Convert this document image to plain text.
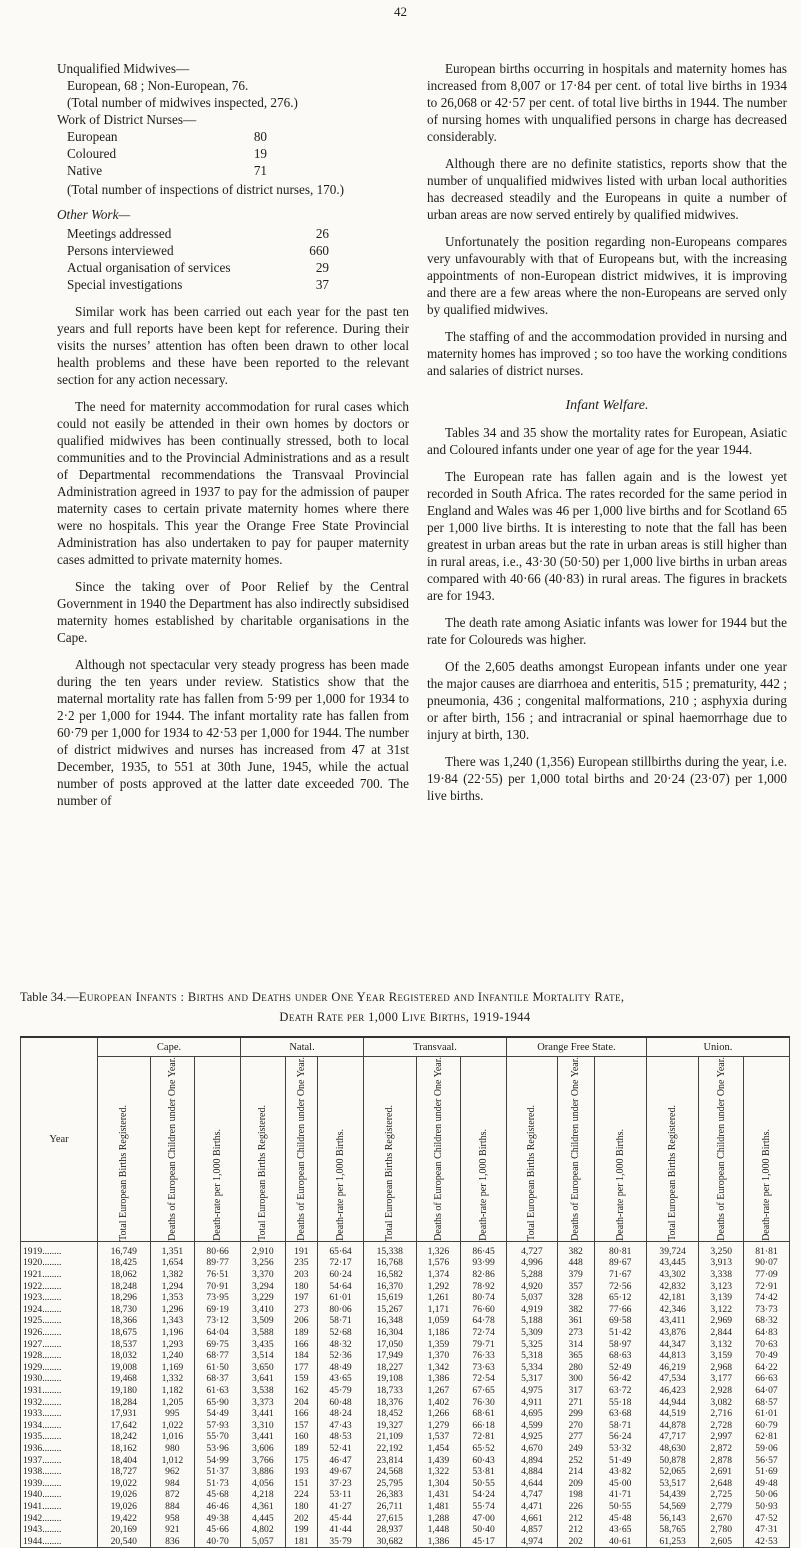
42

Unqualified Midwives—

European, 68 ; Non-European, 76.

(Total number of midwives inspected, 276.)

Work of District Nurses—

European	80
Coloured	19
Native	71

(Total number of inspections of district nurses, 170.)

Other Work—

Meetings addressed	26
Persons interviewed	660
Actual organisation of services	29
Special investigations	37

Similar work has been carried out each year for the past ten years and full reports have been kept for reference. During their visits the nurses’ attention has often been drawn to other local health problems and these have been reported to the relevant section for any action necessary.

The need for maternity accommodation for rural cases which could not easily be attended in their own homes by doctors or qualified midwives has been continually stressed, both to local communities and to the Provincial Administrations and as a result of Departmental recommendations the Transvaal Provincial Administration agreed in 1937 to pay for the admission of pauper maternity cases to certain private maternity homes where there were no hospitals. This year the Orange Free State Provincial Administration has also undertaken to pay for pauper maternity cases admitted to private maternity homes.

Since the taking over of Poor Relief by the Central Government in 1940 the Department has also indirectly subsidised maternity homes established by charitable organisations in the Cape.

Although not spectacular very steady progress has been made during the ten years under review. Statistics show that the maternal mortality rate has fallen from 5·99 per 1,000 for 1934 to 2·2 per 1,000 for 1944. The infant mortality rate has fallen from 60·79 per 1,000 for 1934 to 42·53 per 1,000 for 1944. The number of district midwives and nurses has increased from 47 at 31st December, 1935, to 551 at 30th June, 1945, while the actual number of posts approved at the latter date exceeded 700. The number of

European births occurring in hospitals and maternity homes has increased from 8,007 or 17·84 per cent. of total live births in 1934 to 26,068 or 42·57 per cent. of total live births in 1944. The number of nursing homes with unqualified persons in charge has decreased considerably.

Although there are no definite statistics, reports show that the number of unqualified midwives listed with urban local authorities has decreased steadily and the Europeans in quite a number of urban areas are now served entirely by qualified midwives.

Unfortunately the position regarding non-Europeans compares very unfavourably with that of Europeans but, with the increasing appointments of non-European district midwives, it is improving and there are a few areas where the non-Europeans are served only by qualified midwives.

The staffing of and the accommodation provided in nursing and maternity homes has improved ; so too have the working conditions and salaries of district nurses.

Infant Welfare.

Tables 34 and 35 show the mortality rates for European, Asiatic and Coloured infants under one year of age for the year 1944.

The European rate has fallen again and is the lowest yet recorded in South Africa. The rates recorded for the same period in England and Wales was 46 per 1,000 live births and for Scotland 65 per 1,000 live births. It is interesting to note that the fall has been greatest in urban areas but the rate in urban areas is still higher than in rural areas, i.e., 43·30 (50·50) per 1,000 live births in urban areas compared with 40·66 (40·83) in rural areas. The figures in brackets are for 1943.

The death rate among Asiatic infants was lower for 1944 but the rate for Coloureds was higher.

Of the 2,605 deaths amongst European infants under one year the major causes are diarrhoea and enteritis, 515 ; prematurity, 442 ; pneumonia, 436 ; congenital malformations, 210 ; asphyxia during or after birth, 156 ; and intracranial or spinal haemorrhage due to injury at birth, 130.

There was 1,240 (1,356) European stillbirths during the year, i.e. 19·84 (22·55) per 1,000 total births and 20·24 (23·07) per 1,000 live births.

Table 34.—European Infants : Births and Deaths under One Year Registered and Infantile Mortality Rate,
Death Rate per 1,000 Live Births, 1919-1944
Year	Cape.			Natal.			Transvaal.			Orange Free State.			Union.		

	Total European Births Registered.	Deaths of European Children under One Year.	Death-rate per 1,000 Births.	Total European Births Registered.	Deaths of European Children under One Year.	Death-rate per 1,000 Births.	Total European Births Registered.	Deaths of European Children under One Year.	Death-rate per 1,000 Births.	Total European Births Registered.	Deaths of European Children under One Year.	Death-rate per 1,000 Births.	Total European Births Registered.	Deaths of European Children under One Year.	Death-rate per 1,000 Births.

1919........	16,749	1,351	80·66	2,910	191	65·64	15,338	1,326	86·45	4,727	382	80·81	39,724	3,250	81·81
1920........	18,425	1,654	89·77	3,256	235	72·17	16,768	1,576	93·99	4,996	448	89·67	43,445	3,913	90·07
1921........	18,062	1,382	76·51	3,370	203	60·24	16,582	1,374	82·86	5,288	379	71·67	43,302	3,338	77·09
1922........	18,248	1,294	70·91	3,294	180	54·64	16,370	1,292	78·92	4,920	357	72·56	42,832	3,123	72·91
1923........	18,296	1,353	73·95	3,229	197	61·01	15,619	1,261	80·74	5,037	328	65·12	42,181	3,139	74·42
1924........	18,730	1,296	69·19	3,410	273	80·06	15,267	1,171	76·60	4,919	382	77·66	42,346	3,122	73·73
1925........	18,366	1,343	73·12	3,509	206	58·71	16,348	1,059	64·78	5,188	361	69·58	43,411	2,969	68·32
1926........	18,675	1,196	64·04	3,588	189	52·68	16,304	1,186	72·74	5,309	273	51·42	43,876	2,844	64·83
1927........	18,537	1,293	69·75	3,435	166	48·32	17,050	1,359	79·71	5,325	314	58·97	44,347	3,132	70·63
1928........	18,032	1,240	68·77	3,514	184	52·36	17,949	1,370	76·33	5,318	365	68·63	44,813	3,159	70·49
1929........	19,008	1,169	61·50	3,650	177	48·49	18,227	1,342	73·63	5,334	280	52·49	46,219	2,968	64·22
1930........	19,468	1,332	68·37	3,641	159	43·65	19,108	1,386	72·54	5,317	300	56·42	47,534	3,177	66·63
1931........	19,180	1,182	61·63	3,538	162	45·79	18,733	1,267	67·65	4,975	317	63·72	46,423	2,928	64·07
1932........	18,284	1,205	65·90	3,373	204	60·48	18,376	1,402	76·30	4,911	271	55·18	44,944	3,082	68·57
1933........	17,931	995	54·49	3,441	166	48·24	18,452	1,266	68·61	4,695	299	63·68	44,519	2,716	61·01
1934........	17,642	1,022	57·93	3,310	157	47·43	19,327	1,279	66·18	4,599	270	58·71	44,878	2,728	60·79
1935........	18,242	1,016	55·70	3,441	160	48·53	21,109	1,537	72·81	4,925	277	56·24	47,717	2,997	62·81
1936........	18,162	980	53·96	3,606	189	52·41	22,192	1,454	65·52	4,670	249	53·32	48,630	2,872	59·06
1937........	18,404	1,012	54·99	3,766	175	46·47	23,814	1,439	60·43	4,894	252	51·49	50,878	2,878	56·57
1938........	18,727	962	51·37	3,886	193	49·67	24,568	1,322	53·81	4,884	214	43·82	52,065	2,691	51·69
1939........	19,022	984	51·73	4,056	151	37·23	25,795	1,304	50·55	4,644	209	45·00	53,517	2,648	49·48
1940........	19,026	872	45·68	4,218	224	53·11	26,383	1,431	54·24	4,747	198	41·71	54,439	2,725	50·06
1941........	19,026	884	46·46	4,361	180	41·27	26,711	1,481	55·74	4,471	226	50·55	54,569	2,779	50·93
1942........	19,422	958	49·38	4,445	202	45·44	27,615	1,288	47·00	4,661	212	45·48	56,143	2,670	47·52
1943........	20,169	921	45·66	4,802	199	41·44	28,937	1,448	50·40	4,857	212	43·65	58,765	2,780	47·31
1944........	20,540	836	40·70	5,057	181	35·79	30,682	1,386	45·17	4,974	202	40·61	61,253	2,605	42·53
